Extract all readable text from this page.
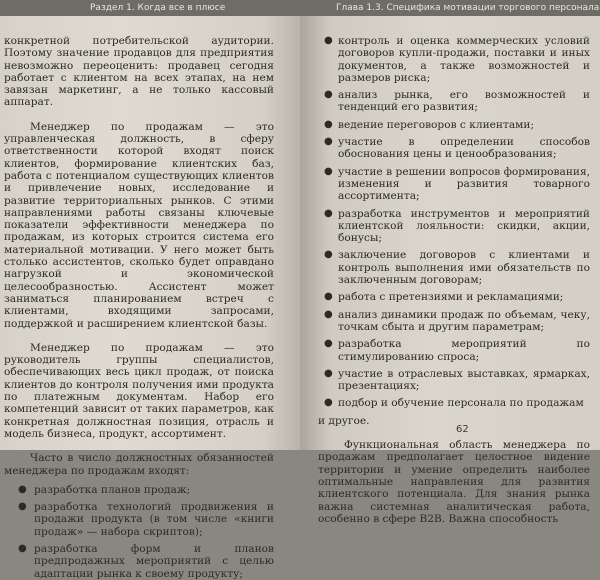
Раздел 1. Когда все в плюсе

конкретной потребительской аудитории. Поэтому значение продавцов для предприятия невозможно переоценить: продавец сегодня работает с клиентом на всех этапах, на нем завязан маркетинг, а не только кассовый аппарат.

Менеджер по продажам — это управленческая должность, в сферу ответственности которой входят поиск клиентов, формирование клиентских баз, работа с потенциалом существующих клиентов и привлечение новых, исследование и развитие территориальных рынков. С этими направлениями работы связаны ключевые показатели эффективности менеджера по продажам, из которых строится система его материальной мотивации. У него может быть столько ассистентов, сколько будет оправдано нагрузкой и экономической целесообразностью. Ассистент может заниматься планированием встреч с клиентами, входящими запросами, поддержкой и расширением клиентской базы.

Менеджер по продажам — это руководитель группы специалистов, обеспечивающих весь цикл продаж, от поиска клиентов до контроля получения ими продукта по платежным документам. Набор его компетенций зависит от таких параметров, как конкретная должностная позиция, отрасль и модель бизнеса, продукт, ассортимент.

Часто в число должностных обязанностей менеджера по продажам входят:

● разработка планов продаж;
● разработка технологий продвижения и продажи продукта (в том числе «книги продаж» — набора скриптов);
● разработка форм и планов предпродажных мероприятий с целью адаптации рынка к своему продукту;
Глава 1.3. Специфика мотивации торгового персонала
● контроль и оценка коммерческих условий договоров купли-продажи, поставки и иных документов, а также возможностей и размеров риска;
● анализ рынка, его возможностей и тенденций его развития;
● ведение переговоров с клиентами;
● участие в определении способов обоснования цены и ценообразования;
● участие в решении вопросов формирования, изменения и развития товарного ассортимента;
● разработка инструментов и мероприятий клиентской лояльности: скидки, акции, бонусы;
● заключение договоров с клиентами и контроль выполнения ими обязательств по заключенным договорам;
● работа с претензиями и рекламациями;
● анализ динамики продаж по объемам, чеку, точкам сбыта и другим параметрам;
● разработка мероприятий по стимулированию спроса;
● участие в отраслевых выставках, ярмарках, презентациях;
● подбор и обучение персонала по продажам

и другое.

Функциональная область менеджера по продажам предполагает целостное видение территории и умение определить наиболее оптимальные направления для развития клиентского потенциала. Для знания рынка важна системная аналитическая работа, особенно в сфере B2B. Важна способность

62
